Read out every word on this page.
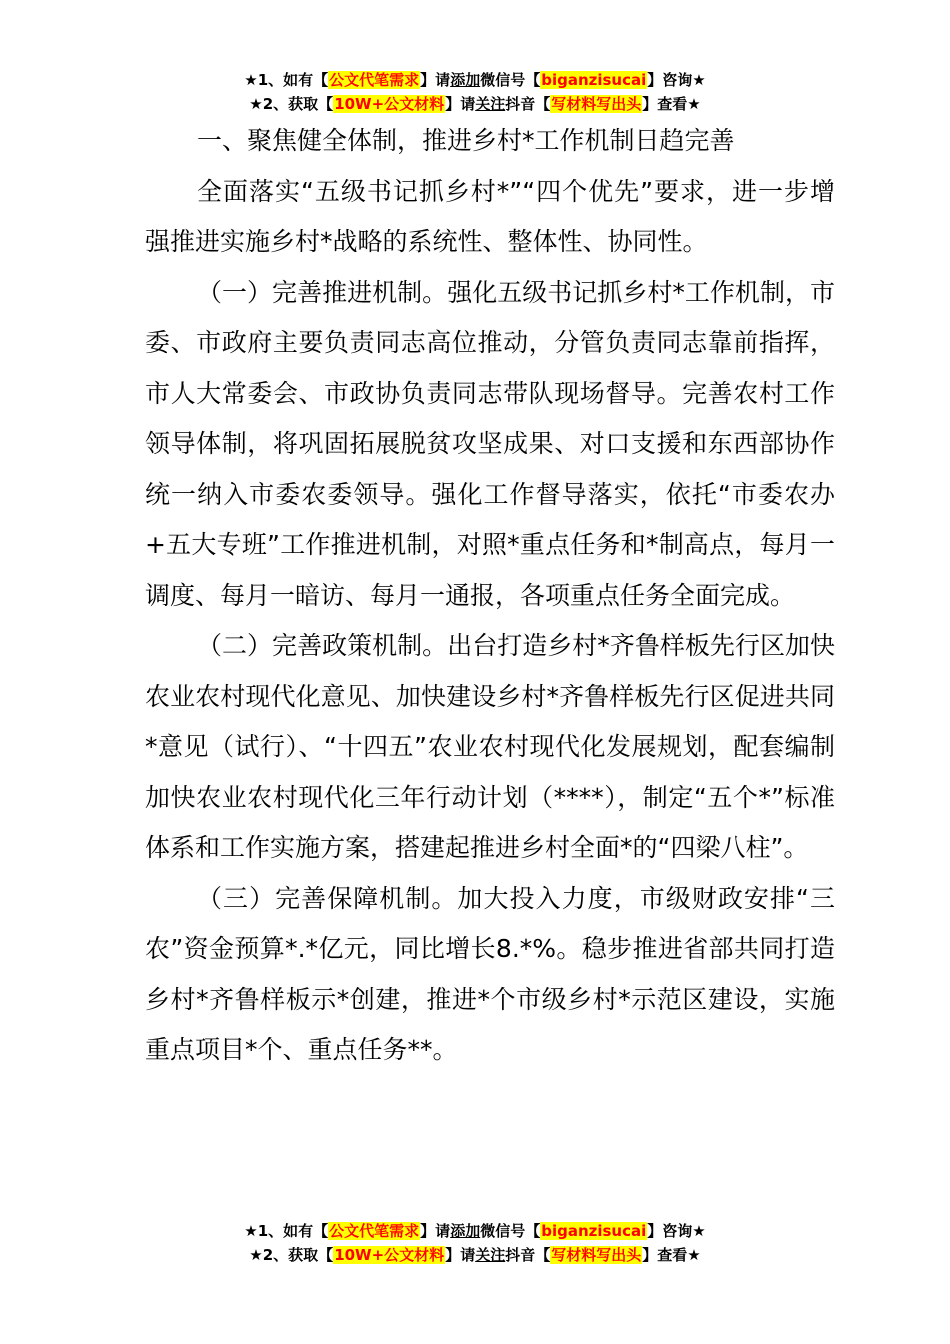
★1、如有【公文代笔需求】请添加微信号【biganzisucai】咨询★
★2、获取【10W+公文材料】请关注抖音【写材料写出头】查看★

一、聚焦健全体制，推进乡村*工作机制日趋完善

全面落实“五级书记抓乡村*”“四个优先”要求，进一步增强推进实施乡村*战略的系统性、整体性、协同性。

（一）完善推进机制。强化五级书记抓乡村*工作机制，市委、市政府主要负责同志高位推动，分管负责同志靠前指挥，市人大常委会、市政协负责同志带队现场督导。完善农村工作领导体制，将巩固拓展脱贫攻坚成果、对口支援和东西部协作统一纳入市委农委领导。强化工作督导落实，依托“市委农办+五大专班”工作推进机制，对照*重点任务和*制高点，每月一调度、每月一暗访、每月一通报，各项重点任务全面完成。

（二）完善政策机制。出台打造乡村*齐鲁样板先行区加快农业农村现代化意见、加快建设乡村*齐鲁样板先行区促进共同*意见（试行）、“十四五”农业农村现代化发展规划，配套编制加快农业农村现代化三年行动计划（****），制定“五个*”标准体系和工作实施方案，搭建起推进乡村全面*的“四梁八柱”。

（三）完善保障机制。加大投入力度，市级财政安排“三农”资金预算*.*亿元，同比增长8.*%。稳步推进省部共同打造乡村*齐鲁样板示*创建，推进*个市级乡村*示范区建设，实施重点项目*个、重点任务**。

★1、如有【公文代笔需求】请添加微信号【biganzisucai】咨询★
★2、获取【10W+公文材料】请关注抖音【写材料写出头】查看★
